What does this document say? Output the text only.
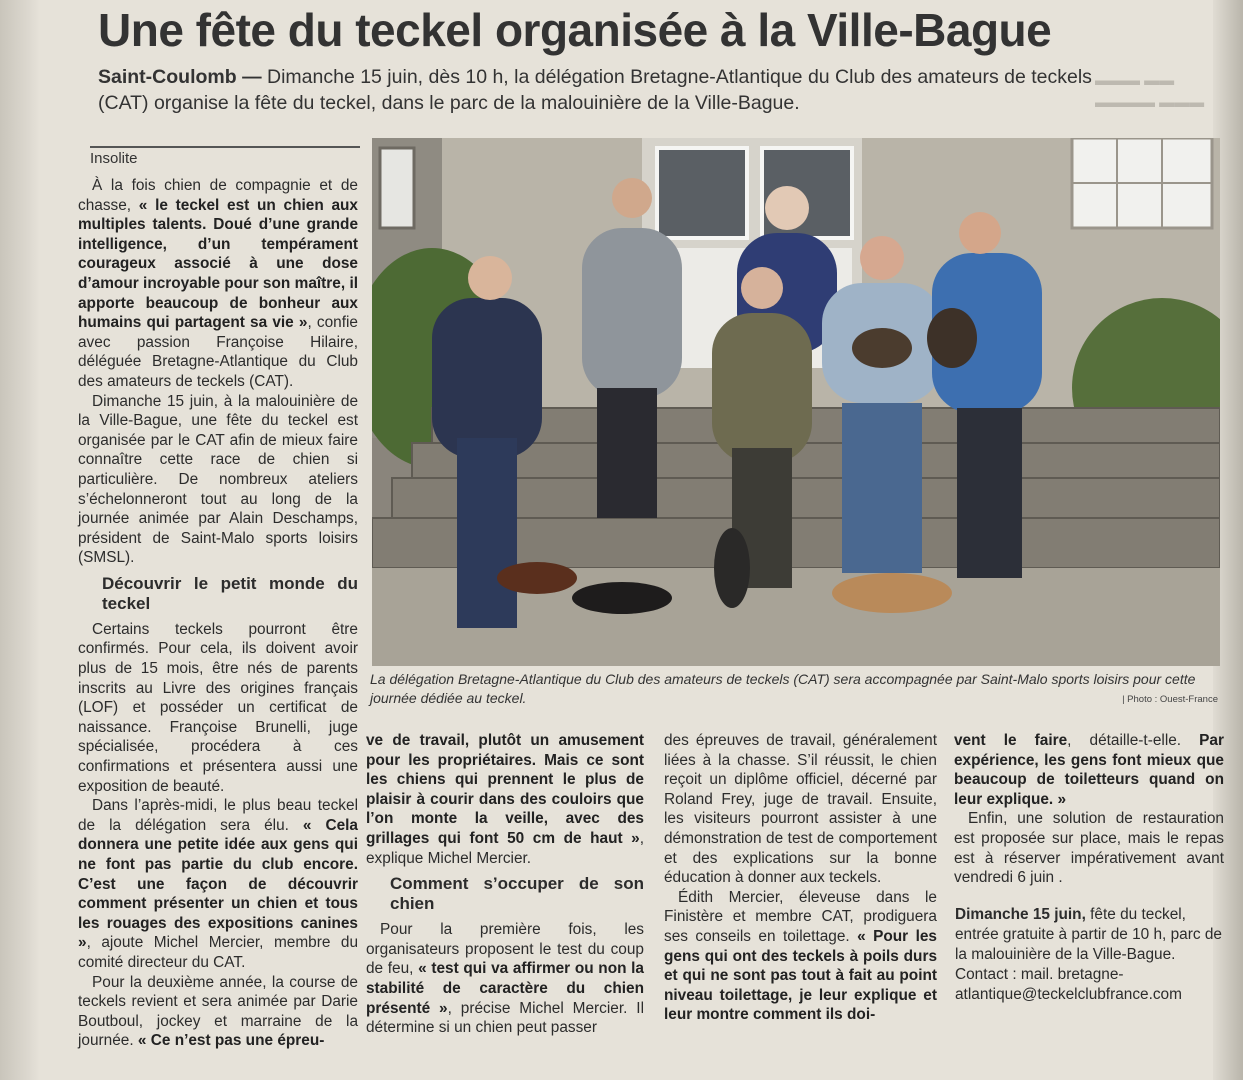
▬▬▬ ▬▬
▬▬▬▬ ▬▬▬
Une fête du teckel organisée à la Ville-Bague
Saint-Coulomb — Dimanche 15 juin, dès 10 h, la délégation Bretagne-Atlantique du Club des amateurs de teckels (CAT) organise la fête du teckel, dans le parc de la malouinière de la Ville-Bague.
Insolite

À la fois chien de compagnie et de chasse, « le teckel est un chien aux multiples talents. Doué d’une grande intelligence, d’un tempérament courageux associé à une dose d’amour incroyable pour son maître, il apporte beaucoup de bonheur aux humains qui partagent sa vie », confie avec passion Françoise Hilaire, déléguée Bretagne-Atlantique du Club des amateurs de teckels (CAT).

Dimanche 15 juin, à la malouinière de la Ville-Bague, une fête du teckel est organisée par le CAT afin de mieux faire connaître cette race de chien si particulière. De nombreux ateliers s’échelonneront tout au long de la journée animée par Alain Deschamps, président de Saint-Malo sports loisirs (SMSL).

Découvrir le petit monde du teckel

Certains teckels pourront être confirmés. Pour cela, ils doivent avoir plus de 15 mois, être nés de parents inscrits au Livre des origines français (LOF) et posséder un certificat de naissance. Françoise Brunelli, juge spécialisée, procédera à ces confirmations et présentera aussi une exposition de beauté.

Dans l’après-midi, le plus beau teckel de la délégation sera élu. « Cela donnera une petite idée aux gens qui ne font pas partie du club encore. C’est une façon de découvrir comment présenter un chien et tous les rouages des expositions canines », ajoute Michel Mercier, membre du comité directeur du CAT.

Pour la deuxième année, la course de teckels revient et sera animée par Darie Boutboul, jockey et marraine de la journée. « Ce n’est pas une épreu-

La délégation Bretagne-Atlantique du Club des amateurs de teckels (CAT) sera accompagnée par Saint-Malo sports loisirs pour cette journée dédiée au teckel.	| Photo : Ouest-France

ve de travail, plutôt un amusement pour les propriétaires. Mais ce sont les chiens qui prennent le plus de plaisir à courir dans des couloirs que l’on monte la veille, avec des grillages qui font 50 cm de haut », explique Michel Mercier.

Comment s’occuper de son chien

Pour la première fois, les organisateurs proposent le test du coup de feu, « test qui va affirmer ou non la stabilité de caractère du chien présenté », précise Michel Mercier. Il détermine si un chien peut passer

des épreuves de travail, généralement liées à la chasse. S’il réussit, le chien reçoit un diplôme officiel, décerné par Roland Frey, juge de travail. Ensuite, les visiteurs pourront assister à une démonstration de test de comportement et des explications sur la bonne éducation à donner aux teckels.

Édith Mercier, éleveuse dans le Finistère et membre CAT, prodiguera ses conseils en toilettage. « Pour les gens qui ont des teckels à poils durs et qui ne sont pas tout à fait au point niveau toilettage, je leur explique et leur montre comment ils doi-

vent le faire, détaille-t-elle. Par expérience, les gens font mieux que beaucoup de toiletteurs quand on leur explique. »

Enfin, une solution de restauration est proposée sur place, mais le repas est à réserver impérativement avant vendredi 6 juin .

Dimanche 15 juin, fête du teckel, entrée gratuite à partir de 10 h, parc de la malouinière de la Ville-Bague. Contact : mail. bretagne-atlantique@teckelclubfrance.com
